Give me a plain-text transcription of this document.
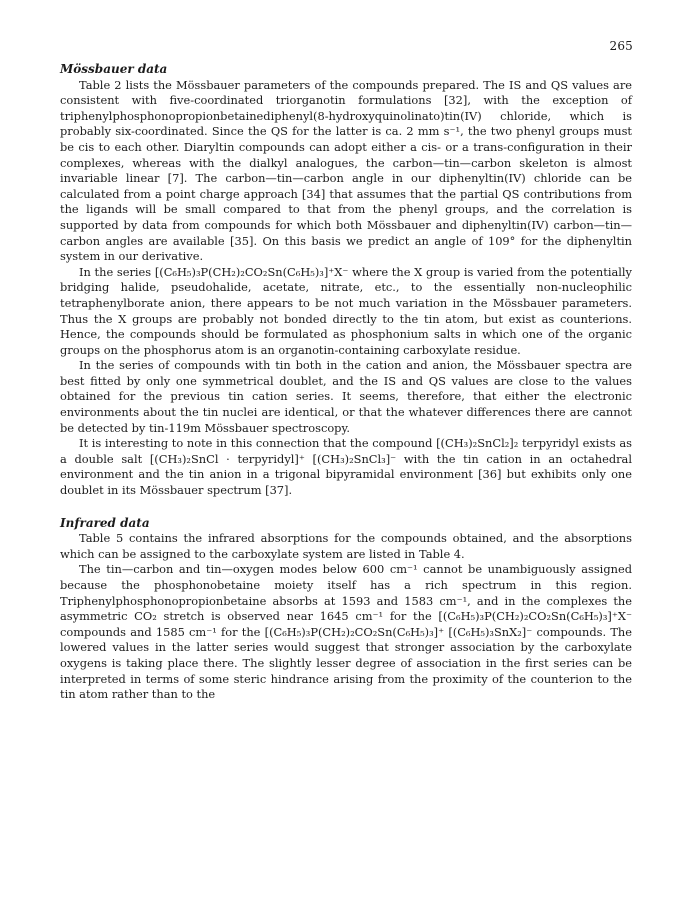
265
Mössbauer data

Table 2 lists the Mössbauer parameters of the compounds prepared. The IS and QS values are consistent with five-coordinated triorganotin formulations [32], with the exception of triphenylphosphonopropionbetainediphenyl(8-hydroxyquinolinato)tin(IV) chloride, which is probably six-coordinated. Since the QS for the latter is ca. 2 mm s⁻¹, the two phenyl groups must be cis to each other. Diaryltin compounds can adopt either a cis- or a trans-configuration in their complexes, whereas with the dialkyl analogues, the carbon—tin—carbon skeleton is almost invariable linear [7]. The carbon—tin—carbon angle in our diphenyltin(IV) chloride can be calculated from a point charge approach [34] that assumes that the partial QS contributions from the ligands will be small compared to that from the phenyl groups, and the correlation is supported by data from compounds for which both Mössbauer and diphenyltin(IV) carbon—tin—carbon angles are available [35]. On this basis we predict an angle of 109° for the diphenyltin system in our derivative.

In the series [(C₆H₅)₃P(CH₂)₂CO₂Sn(C₆H₅)₃]⁺X⁻ where the X group is varied from the potentially bridging halide, pseudohalide, acetate, nitrate, etc., to the essentially non-nucleophilic tetraphenylborate anion, there appears to be not much variation in the Mössbauer parameters. Thus the X groups are probably not bonded directly to the tin atom, but exist as counterions. Hence, the compounds should be formulated as phosphonium salts in which one of the organic groups on the phosphorus atom is an organotin-containing carboxylate residue.

In the series of compounds with tin both in the cation and anion, the Mössbauer spectra are best fitted by only one symmetrical doublet, and the IS and QS values are close to the values obtained for the previous tin cation series. It seems, therefore, that either the electronic environments about the tin nuclei are identical, or that the whatever differences there are cannot be detected by tin-119m Mössbauer spectroscopy.

It is interesting to note in this connection that the compound [(CH₃)₂SnCl₂]₂ terpyridyl exists as a double salt [(CH₃)₂SnCl · terpyridyl]⁺ [(CH₃)₂SnCl₃]⁻ with the tin cation in an octahedral environment and the tin anion in a trigonal bipyramidal environment [36] but exhibits only one doublet in its Mössbauer spectrum [37].

Infrared data

Table 5 contains the infrared absorptions for the compounds obtained, and the absorptions which can be assigned to the carboxylate system are listed in Table 4.

The tin—carbon and tin—oxygen modes below 600 cm⁻¹ cannot be unambiguously assigned because the phosphonobetaine moiety itself has a rich spectrum in this region. Triphenylphosphonopropionbetaine absorbs at 1593 and 1583 cm⁻¹, and in the complexes the asymmetric CO₂ stretch is observed near 1645 cm⁻¹ for the [(C₆H₅)₃P(CH₂)₂CO₂Sn(C₆H₅)₃]⁺X⁻ compounds and 1585 cm⁻¹ for the [(C₆H₅)₃P(CH₂)₂CO₂Sn(C₆H₅)₃]⁺ [(C₆H₅)₃SnX₂]⁻ compounds. The lowered values in the latter series would suggest that stronger association by the carboxylate oxygens is taking place there. The slightly lesser degree of association in the first series can be interpreted in terms of some steric hindrance arising from the proximity of the counterion to the tin atom rather than to the
